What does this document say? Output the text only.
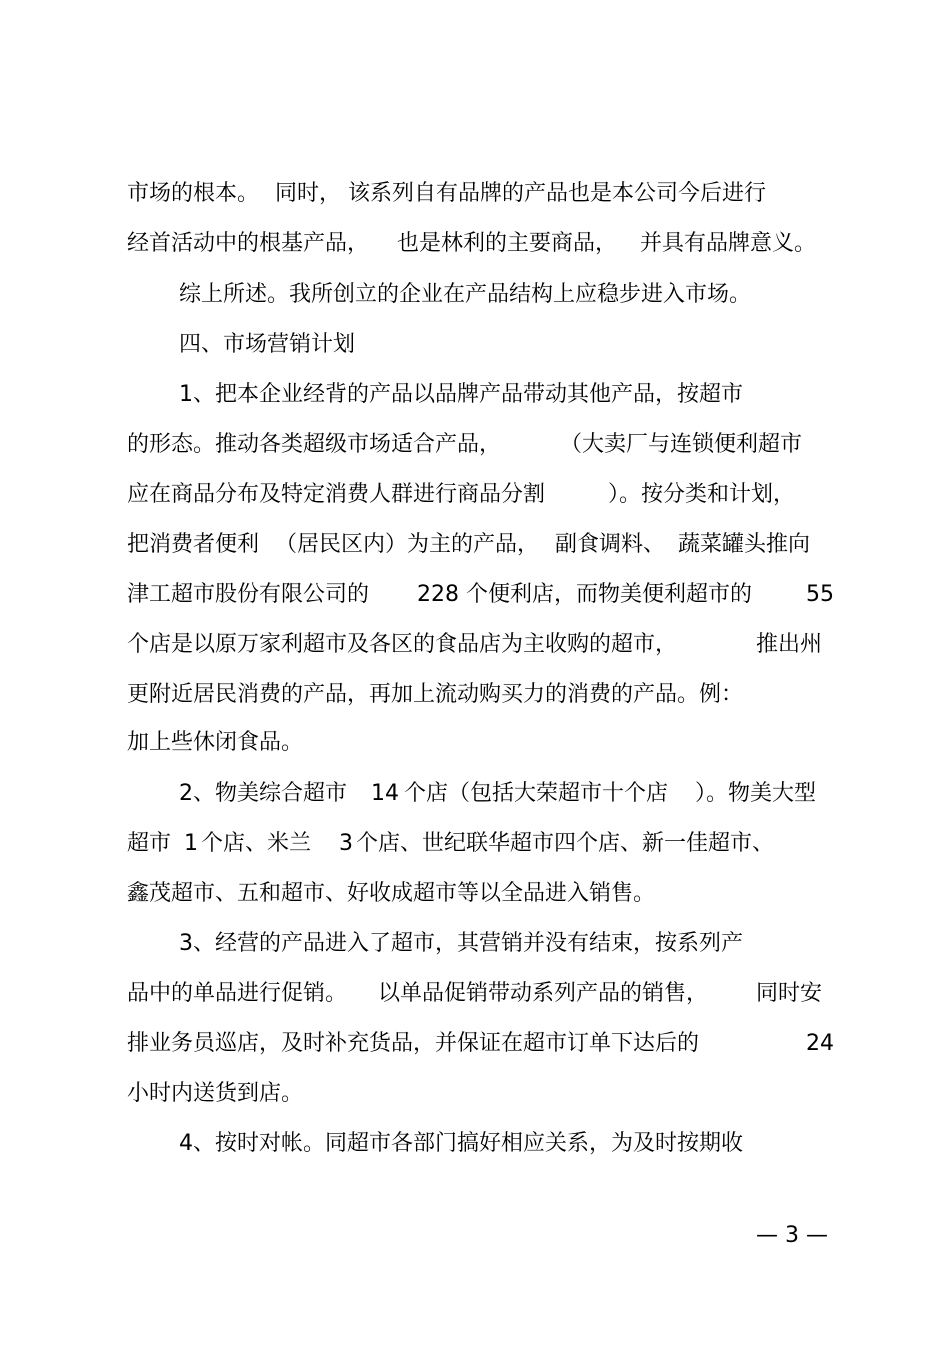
市场的根本。

同时，

该系列自有品牌的产品也是本公司今后进行

经首活动中的根基产品，

也是林利的主要商品，

并具有品牌意义。

综上所述。我所创立的企业在产品结构上应稳步进入市场。

四、市场营销计划

1、把本企业经背的产品以品牌产品带动其他产品，按超市

的形态。推动各类超级市场适合产品，

	（大卖厂与连锁便利超市

应在商品分布及特定消费人群进行商品分割

	）。按分类和计划，

把消费者便利

（居民区内）为主的产品，

副食调料、

蔬菜罐头推向

津工超市股份有限公司的

228

个便利店，而物美便利超市的

55

个店是以原万家利超市及各区的食品店为主收购的超市，

	推出州

更附近居民消费的产品，再加上流动购买力的消费的产品。例：

加上些休闭食品。

2、物美综合超市

14

个店（包括大荣超市十个店

）。物美大型

超市

1

个店、米兰

3

个店、世纪联华超市四个店、新一佳超市、

鑫茂超市、五和超市、好收成超市等以全品进入销售。

3、经营的产品进入了超市，其营销并没有结束，按系列产

品中的单品进行促销。

以单品促销带动系列产品的销售，

同时安

排业务员巡店，及时补充货品，并保证在超市订单下达后的

	24

小时内送货到店。

4、按时对帐。同超市各部门搞好相应关系，为及时按期收

— 3 —
